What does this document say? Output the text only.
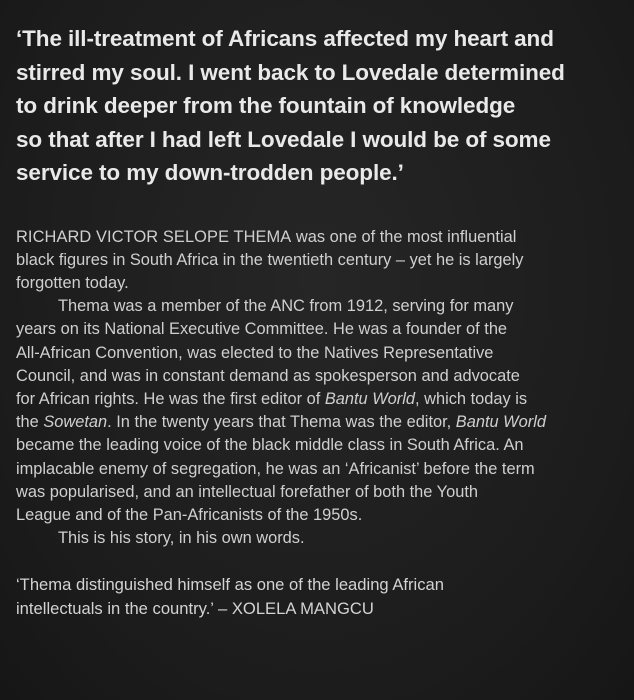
‘The ill-treatment of Africans affected my heart and
stirred my soul. I went back to Lovedale determined
to drink deeper from the fountain of knowledge
so that after I had left Lovedale I would be of some
service to my down-trodden people.’

RICHARD VICTOR SELOPE THEMA was one of the most influential
black figures in South Africa in the twentieth century – yet he is largely
forgotten today.
Thema was a member of the ANC from 1912, serving for many
years on its National Executive Committee. He was a founder of the
All-African Convention, was elected to the Natives Representative
Council, and was in constant demand as spokesperson and advocate
for African rights. He was the first editor of Bantu World, which today is
the Sowetan. In the twenty years that Thema was the editor, Bantu World
became the leading voice of the black middle class in South Africa. An
implacable enemy of segregation, he was an ‘Africanist’ before the term
was popularised, and an intellectual forefather of both the Youth
League and of the Pan-Africanists of the 1950s.
This is his story, in his own words.
‘Thema distinguished himself as one of the leading African
intellectuals in the country.’ – XOLELA MANGCU
